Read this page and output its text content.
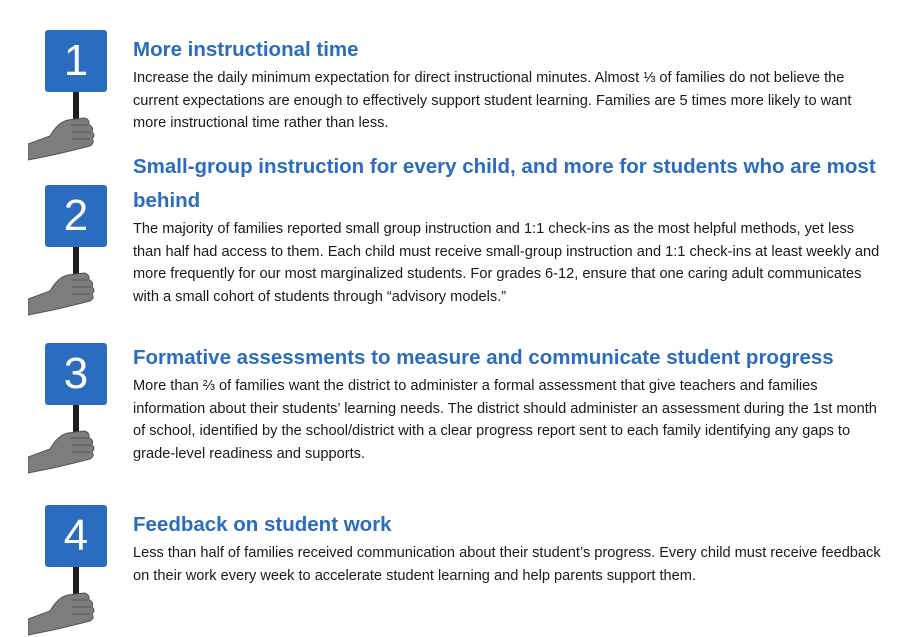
1	More instructional time

Increase the daily minimum expectation for direct instructional minutes. Almost ⅓ of families do not believe the current expectations are enough to effectively support student learning. Families are 5 times more likely to want more instructional time rather than less.

2
Small-group instruction for every child, and more for students who are most behind

The majority of families reported small group instruction and 1:1 check-ins as the most helpful methods, yet less than half had access to them. Each child must receive small-group instruction and 1:1 check-ins at least weekly and more frequently for our most marginalized students. For grades 6-12, ensure that one caring adult communicates with a small cohort of students through “advisory models.”

3	Formative assessments to measure and communicate student progress

More than ⅔ of families want the district to administer a formal assessment that give teachers and families information about their students’ learning needs. The district should administer an assessment during the 1st month of school, identified by the school/district with a clear progress report sent to each family identifying any gaps to grade-level readiness and supports.

4	Feedback on student work

Less than half of families received communication about their student’s progress. Every child must receive feedback on their work every week to accelerate student learning and help parents support them.
